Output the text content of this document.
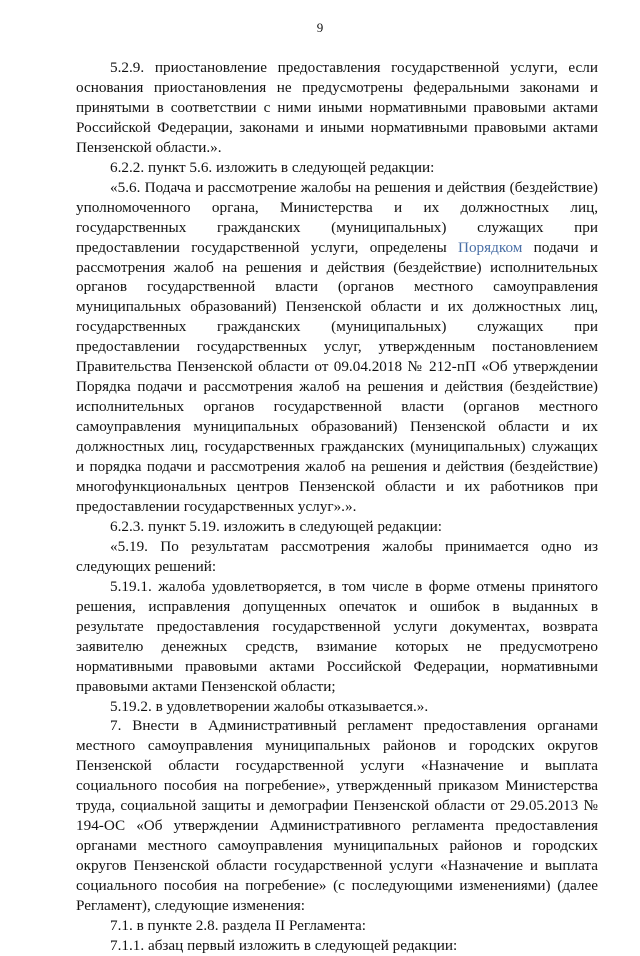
9

5.2.9. приостановление предоставления государственной услуги, если основания приостановления не предусмотрены федеральными законами и принятыми в соответствии с ними иными нормативными правовыми актами Российской Федерации, законами и иными нормативными правовыми актами Пензенской области.».

6.2.2. пункт 5.6. изложить в следующей редакции:

«5.6. Подача и рассмотрение жалобы на решения и действия (бездействие) уполномоченного органа, Министерства и их должностных лиц, государственных гражданских (муниципальных) служащих при предоставлении государственной услуги, определены Порядком подачи и рассмотрения жалоб на решения и действия (бездействие) исполнительных органов государственной власти (органов местного самоуправления муниципальных образований) Пензенской области и их должностных лиц, государственных гражданских (муниципальных) служащих при предоставлении государственных услуг, утвержденным постановлением Правительства Пензенской области от 09.04.2018 № 212-пП «Об утверждении Порядка подачи и рассмотрения жалоб на решения и действия (бездействие) исполнительных органов государственной власти (органов местного самоуправления муниципальных образований) Пензенской области и их должностных лиц, государственных гражданских (муниципальных) служащих и порядка подачи и рассмотрения жалоб на решения и действия (бездействие) многофункциональных центров Пензенской области и их работников при предоставлении государственных услуг».».

6.2.3. пункт 5.19. изложить в следующей редакции:

«5.19. По результатам рассмотрения жалобы принимается одно из следующих решений:

5.19.1. жалоба удовлетворяется, в том числе в форме отмены принятого решения, исправления допущенных опечаток и ошибок в выданных в результате предоставления государственной услуги документах, возврата заявителю денежных средств, взимание которых не предусмотрено нормативными правовыми актами Российской Федерации, нормативными правовыми актами Пензенской области;

5.19.2. в удовлетворении жалобы отказывается.».

7. Внести в Административный регламент предоставления органами местного самоуправления муниципальных районов и городских округов Пензенской области государственной услуги «Назначение и выплата социального пособия на погребение», утвержденный приказом Министерства труда, социальной защиты и демографии Пензенской области от 29.05.2013 № 194-ОС «Об утверждении Административного регламента предоставления органами местного самоуправления муниципальных районов и городских округов Пензенской области государственной услуги «Назначение и выплата социального пособия на погребение» (с последующими изменениями) (далее Регламент), следующие изменения:

7.1. в пункте 2.8. раздела II Регламента:

7.1.1. абзац первый изложить в следующей редакции:
